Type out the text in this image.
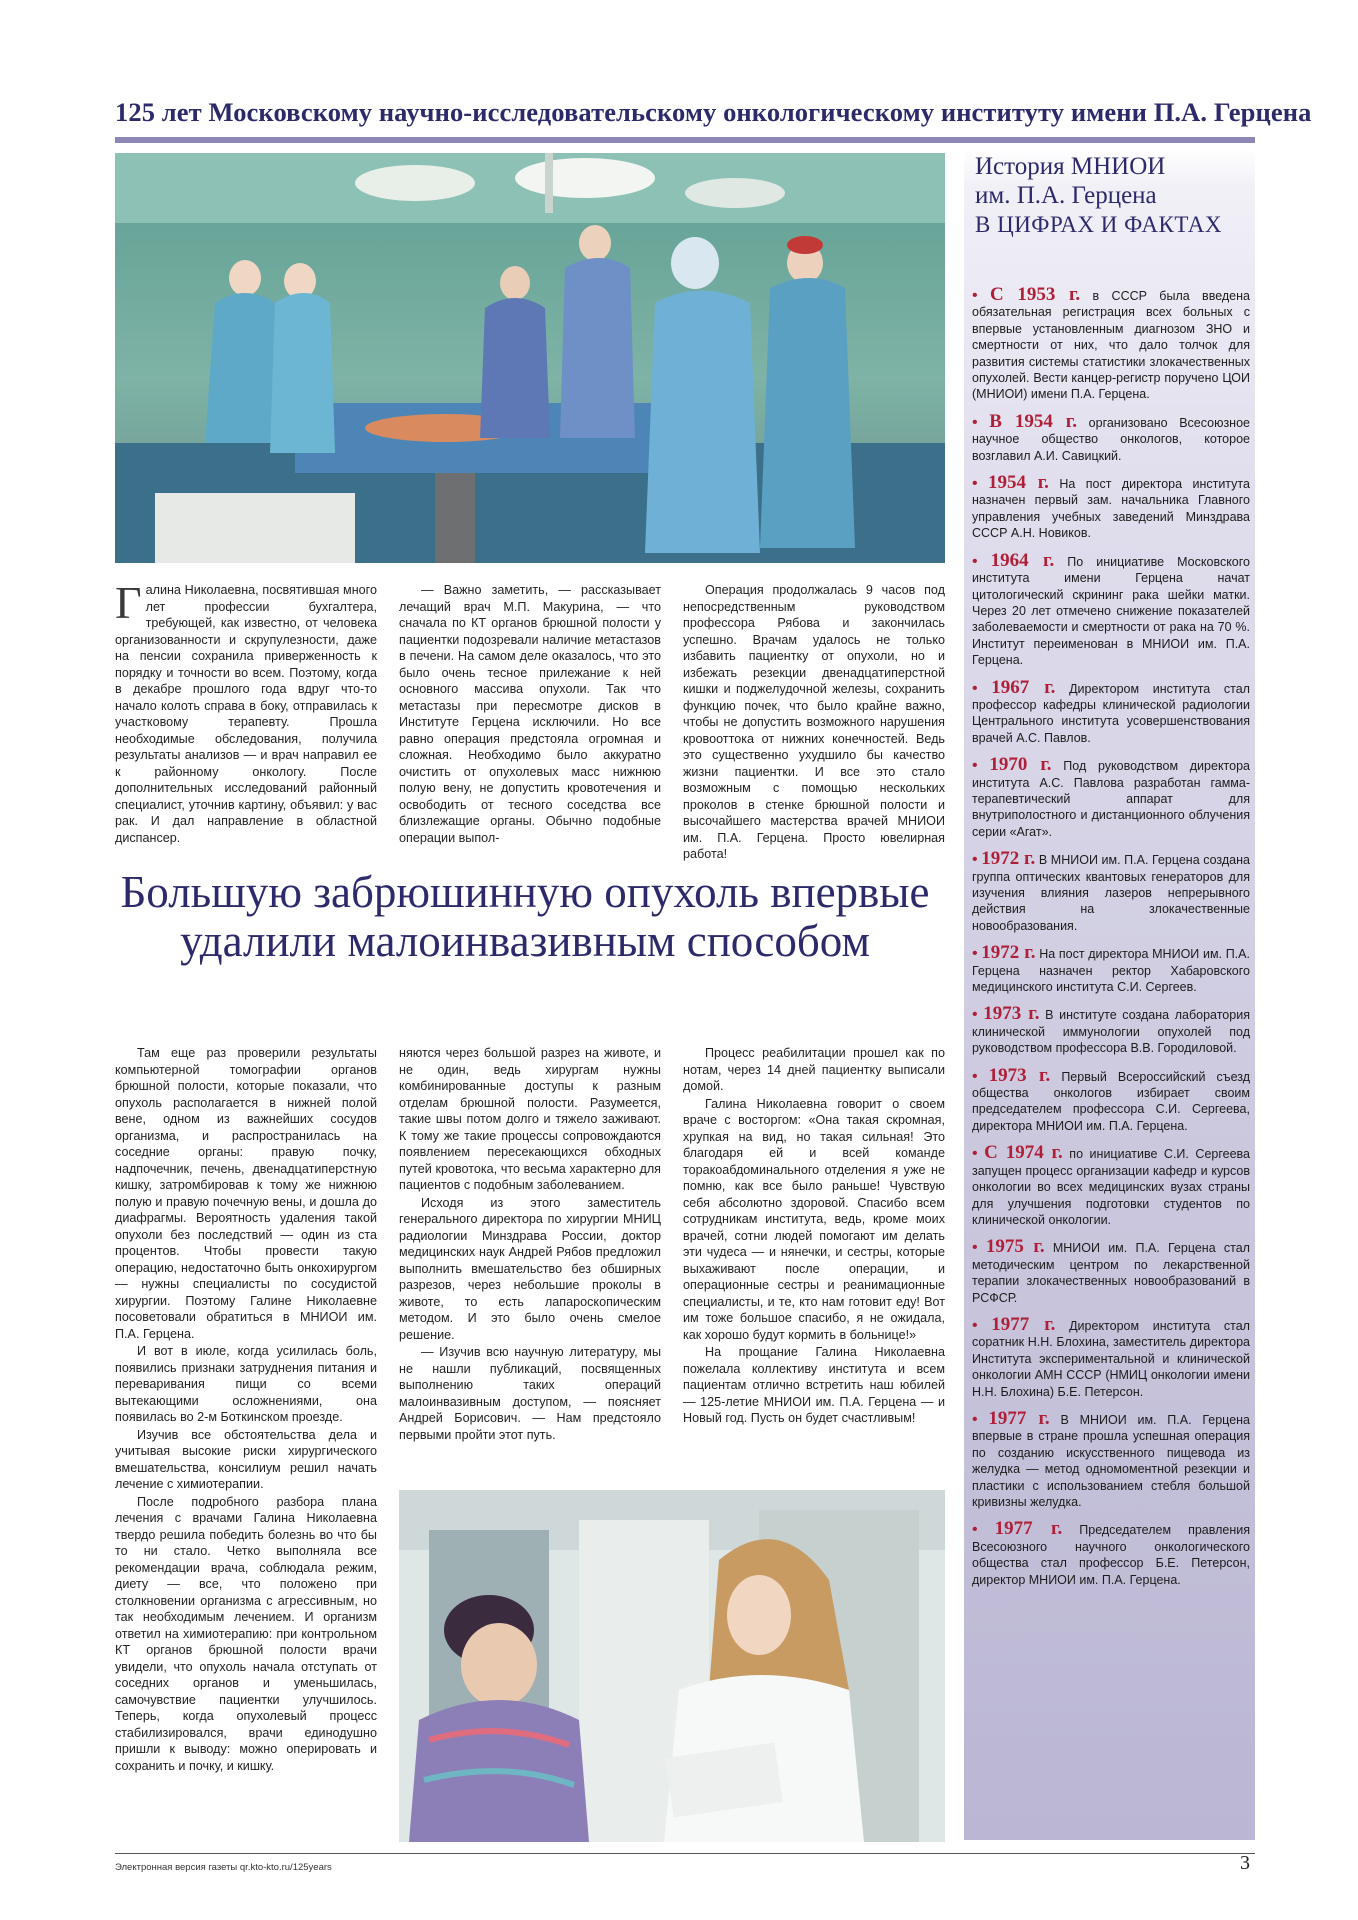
125 лет Московскому научно-исследовательскому онкологическому институту имени П.А. Герцена

Галина Николаевна, посвятившая много лет профессии бухгалтера, требующей, как известно, от человека организованности и скрупулезности, даже на пенсии сохранила приверженность к порядку и точности во всем. Поэтому, когда в декабре прошлого года вдруг что-то начало колоть справа в боку, отправилась к участковому терапевту. Прошла необходимые обследования, получила результаты анализов — и врач направил ее к районному онкологу. После дополнительных исследований районный специалист, уточнив картину, объявил: у вас рак. И дал направление в областной диспансер.

— Важно заметить, — рассказывает лечащий врач М.П. Макурина, — что сначала по КТ органов брюшной полости у пациентки подозревали наличие метастазов в печени. На самом деле оказалось, что это было очень тесное прилежание к ней основного массива опухоли. Так что метастазы при пересмотре дисков в Институте Герцена исключили. Но все равно операция предстояла огромная и сложная. Необходимо было аккуратно очистить от опухолевых масс нижнюю полую вену, не допустить кровотечения и освободить от тесного соседства все близлежащие органы. Обычно подобные операции выпол-

Операция продолжалась 9 часов под непосредственным руководством профессора Рябова и закончилась успешно. Врачам удалось не только избавить пациентку от опухоли, но и избежать резекции двенадцатиперстной кишки и поджелудочной железы, сохранить функцию почек, что было крайне важно, чтобы не допустить возможного нарушения кровооттока от нижних конечностей. Ведь это существенно ухудшило бы качество жизни пациентки. И все это стало возможным с помощью нескольких проколов в стенке брюшной полости и высочайшего мастерства врачей МНИОИ им. П.А. Герцена. Просто ювелирная работа!

Большую забрюшинную опухоль впервые удалили малоинвазивным способом

Там еще раз проверили результаты компьютерной томографии органов брюшной полости, которые показали, что опухоль располагается в нижней полой вене, одном из важнейших сосудов организма, и распространилась на соседние органы: правую почку, надпочечник, печень, двенадцатиперстную кишку, затромбировав к тому же нижнюю полую и правую почечную вены, и дошла до диафрагмы. Вероятность удаления такой опухоли без последствий — один из ста процентов. Чтобы провести такую операцию, недостаточно быть онкохирургом — нужны специалисты по сосудистой хирургии. Поэтому Галине Николаевне посоветовали обратиться в МНИОИ им. П.А. Герцена.

И вот в июле, когда усилилась боль, появились признаки затруднения питания и переваривания пищи со всеми вытекающими осложнениями, она появилась во 2-м Боткинском проезде.

Изучив все обстоятельства дела и учитывая высокие риски хирургического вмешательства, консилиум решил начать лечение с химиотерапии.

После подробного разбора плана лечения с врачами Галина Николаевна твердо решила победить болезнь во что бы то ни стало. Четко выполняла все рекомендации врача, соблюдала режим, диету — все, что положено при столкновении организма с агрессивным, но так необходимым лечением. И организм ответил на химиотерапию: при контрольном КТ органов брюшной полости врачи увидели, что опухоль начала отступать от соседних органов и уменьшилась, самочувствие пациентки улучшилось. Теперь, когда опухолевый процесс стабилизировался, врачи единодушно пришли к выводу: можно оперировать и сохранить и почку, и кишку.

няются через большой разрез на животе, и не один, ведь хирургам нужны комбинированные доступы к разным отделам брюшной полости. Разумеется, такие швы потом долго и тяжело заживают. К тому же такие процессы сопровождаются появлением пересекающихся обходных путей кровотока, что весьма характерно для пациентов с подобным заболеванием.

Исходя из этого заместитель генерального директора по хирургии МНИЦ радиологии Минздрава России, доктор медицинских наук Андрей Рябов предложил выполнить вмешательство без обширных разрезов, через небольшие проколы в животе, то есть лапароскопическим методом. И это было очень смелое решение.

— Изучив всю научную литературу, мы не нашли публикаций, посвященных выполнению таких операций малоинвазивным доступом, — поясняет Андрей Борисович. — Нам предстояло первыми пройти этот путь.

Процесс реабилитации прошел как по нотам, через 14 дней пациентку выписали домой.

Галина Николаевна говорит о своем враче с восторгом: «Она такая скромная, хрупкая на вид, но такая сильная! Это благодаря ей и всей команде торакоабдоминального отделения я уже не помню, как все было раньше! Чувствую себя абсолютно здоровой. Спасибо всем сотрудникам института, ведь, кроме моих врачей, сотни людей помогают им делать эти чудеса — и нянечки, и сестры, которые выхаживают после операции, и операционные сестры и реанимационные специалисты, и те, кто нам готовит еду! Вот им тоже большое спасибо, я не ожидала, как хорошо будут кормить в больнице!»

На прощание Галина Николаевна пожелала коллективу института и всем пациентам отлично встретить наш юбилей — 125-летие МНИОИ им. П.А. Герцена — и Новый год. Пусть он будет счастливым!

История МНИОИ
им. П.А. Герцена
В ЦИФРАХ И ФАКТАХ
• С 1953 г. в СССР была введена обязательная регистрация всех больных с впервые установленным диагнозом ЗНО и смертности от них, что дало толчок для развития системы статистики злокачественных опухолей. Вести канцер-регистр поручено ЦОИ (МНИОИ) имени П.А. Герцена.
• В 1954 г. организовано Всесоюзное научное общество онкологов, которое возглавил А.И. Савицкий.
• 1954 г. На пост директора института назначен первый зам. начальника Главного управления учебных заведений Минздрава СССР А.Н. Новиков.
• 1964 г. По инициативе Московского института имени Герцена начат цитологический скрининг рака шейки матки. Через 20 лет отмечено снижение показателей заболеваемости и смертности от рака на 70 %. Институт переименован в МНИОИ им. П.А. Герцена.
• 1967 г. Директором института стал профессор кафедры клинической радиологии Центрального института усовершенствования врачей А.С. Павлов.
• 1970 г. Под руководством директора института А.С. Павлова разработан гамма-терапевтический аппарат для внутриполостного и дистанционного облучения серии «Агат».
• 1972 г. В МНИОИ им. П.А. Герцена создана группа оптических квантовых генераторов для изучения влияния лазеров непрерывного действия на злокачественные новообразования.
• 1972 г. На пост директора МНИОИ им. П.А. Герцена назначен ректор Хабаровского медицинского института С.И. Сергеев.
• 1973 г. В институте создана лаборатория клинической иммунологии опухолей под руководством профессора В.В. Городиловой.
• 1973 г. Первый Всероссийский съезд общества онкологов избирает своим председателем профессора С.И. Сергеева, директора МНИОИ им. П.А. Герцена.
• С 1974 г. по инициативе С.И. Сергеева запущен процесс организации кафедр и курсов онкологии во всех медицинских вузах страны для улучшения подготовки студентов по клинической онкологии.
• 1975 г. МНИОИ им. П.А. Герцена стал методическим центром по лекарственной терапии злокачественных новообразований в РСФСР.
• 1977 г. Директором института стал соратник Н.Н. Блохина, заместитель директора Института экспериментальной и клинической онкологии АМН СССР (НМИЦ онкологии имени Н.Н. Блохина) Б.Е. Петерсон.
• 1977 г. В МНИОИ им. П.А. Герцена впервые в стране прошла успешная операция по созданию искусственного пищевода из желудка — метод одномоментной резекции и пластики с использованием стебля большой кривизны желудка.
• 1977 г. Председателем правления Всесоюзного научного онкологического общества стал профессор Б.Е. Петерсон, директор МНИОИ им. П.А. Герцена.
Электронная версия газеты qr.kto-kto.ru/125years	3
